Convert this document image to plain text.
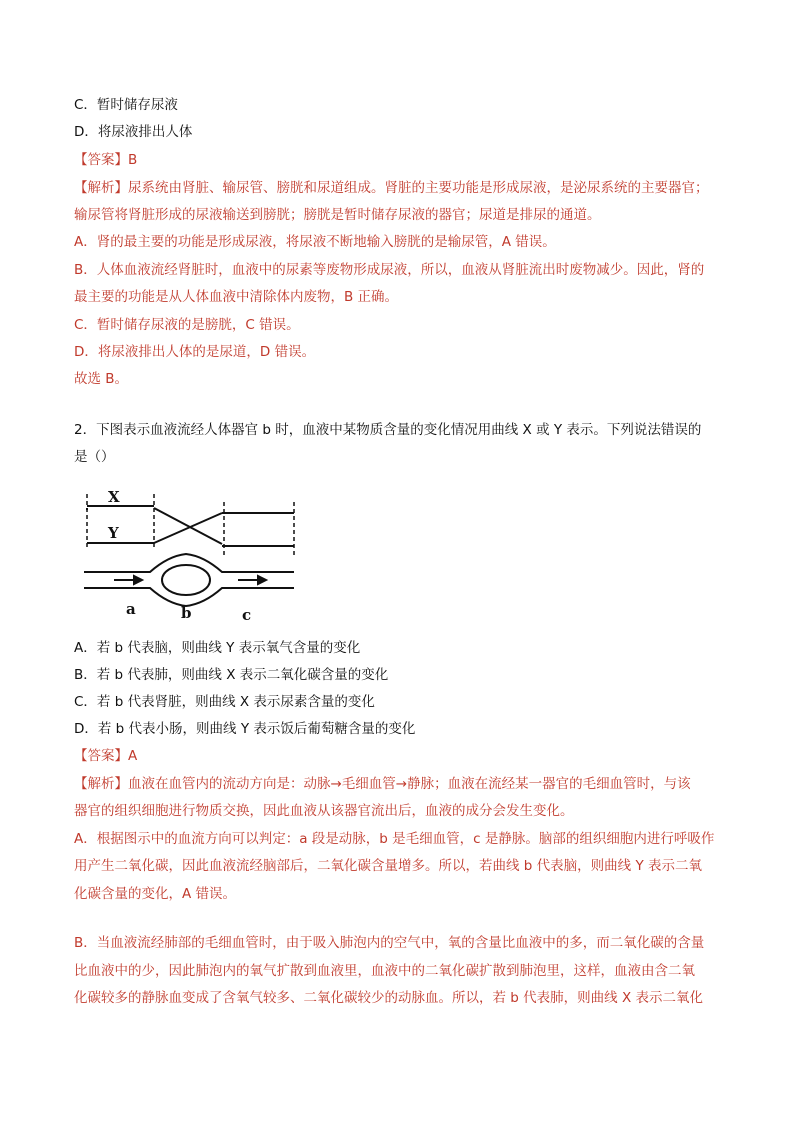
C．暂时储存尿液
D．将尿液排出人体
【答案】B
【解析】尿系统由肾脏、输尿管、膀胱和尿道组成。肾脏的主要功能是形成尿液，是泌尿系统的主要器官；
输尿管将肾脏形成的尿液输送到膀胱；膀胱是暂时储存尿液的器官；尿道是排尿的通道。
A．肾的最主要的功能是形成尿液，将尿液不断地输入膀胱的是输尿管，A 错误。
B．人体血液流经肾脏时，血液中的尿素等废物形成尿液，所以，血液从肾脏流出时废物减少。因此，肾的
最主要的功能是从人体血液中清除体内废物，B 正确。
C．暂时储存尿液的是膀胱，C 错误。
D．将尿液排出人体的是尿道，D 错误。
故选 B。
2．下图表示血液流经人体器官 b 时，血液中某物质含量的变化情况用曲线 X 或 Y 表示。下列说法错误的
是（）
X
Y
a	b	c
A．若 b 代表脑，则曲线 Y 表示氧气含量的变化
B．若 b 代表肺，则曲线 X 表示二氧化碳含量的变化
C．若 b 代表肾脏，则曲线 X 表示尿素含量的变化
D．若 b 代表小肠，则曲线 Y 表示饭后葡萄糖含量的变化
【答案】A
【解析】血液在血管内的流动方向是：动脉→毛细血管→静脉；血液在流经某一器官的毛细血管时，与该
器官的组织细胞进行物质交换，因此血液从该器官流出后，血液的成分会发生变化。
A．根据图示中的血流方向可以判定：a 段是动脉，b 是毛细血管，c 是静脉。脑部的组织细胞内进行呼吸作
用产生二氧化碳，因此血液流经脑部后，二氧化碳含量增多。所以，若曲线 b 代表脑，则曲线 Y 表示二氧
化碳含量的变化，A 错误。
B．当血液流经肺部的毛细血管时，由于吸入肺泡内的空气中，氧的含量比血液中的多，而二氧化碳的含量
比血液中的少，因此肺泡内的氧气扩散到血液里，血液中的二氧化碳扩散到肺泡里，这样，血液由含二氧
化碳较多的静脉血变成了含氧气较多、二氧化碳较少的动脉血。所以，若 b 代表肺，则曲线 X 表示二氧化
